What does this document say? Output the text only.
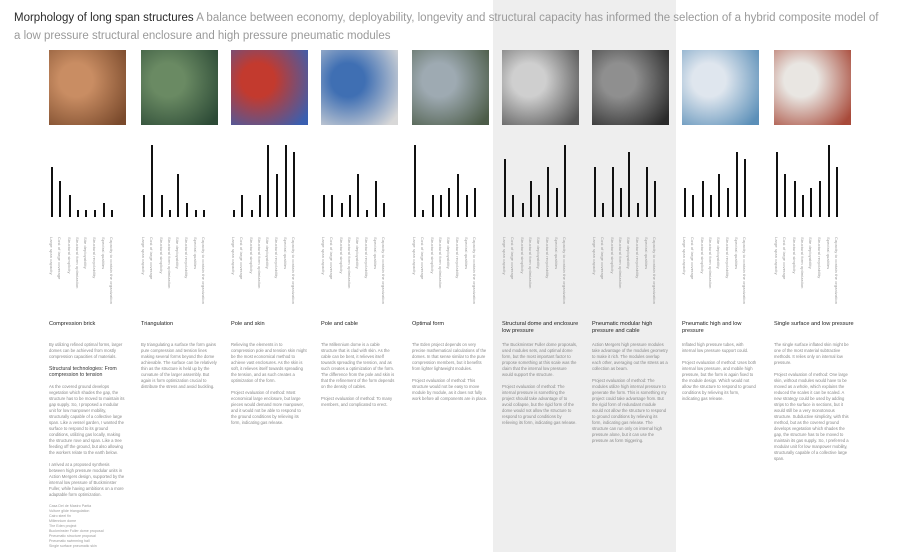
Morphology of long span structures A balance between economy, deployability, longevity and structural capacity has informed the selection of a hybrid composite model of a low pressure structural enclosure and high pressure pneumatic modules
Large span capacity Cost of large coverage Structural simplicity Structural form optimization Site deployability Structural recyclability Spectral qualities Capacity to contain the organization
Compression brick

By utilizing refined optimal forms, larger domes can be achieved from mostly compression capacities of materials.

Structural technologies: From compression to tension

As the covered ground develops vegetation which shades the gap, the structure has to be moved to maintain its gap supply. So, I proposed a modular unit for low manpower mobility, structurally capable of a collective large span. Like a vessel garden, I wanted the surface to respond to its ground conditions, utilizing gas locally, making the structure rove and span. Like a tree feeding off the ground, but also allowing the workers relate to the earth below.

I arrived at a proposed synthesis between high pressure modular units in Action Mergers design, supported by the internal low pressure of Buckminster Fuller, while having ambitions on a more adaptable form optimization.

Casa Dei de Mastro Partia
Vulture glide triangulation
Cairo steel fin
Millennium dome
The Eden project
Buckminster Fuller dome proposal
Pneumatic structure proposal
Pneumatic swimming hall
Single surface pneumatic skin
Large span capacity Cost of large coverage Structural simplicity Structural form optimization Site deployability Structural recyclability Spectral qualities Capacity to contain the organization
Triangulation

By triangulating a surface the form gains pure compression and tension lines making several forms beyond the dome achievable. The surface can be relatively thin as the structure is held up by the curvature of the larger assembly. But again is form optimization crucial to distribute the stress and avoid buckling.

Large span capacity Cost of large coverage Structural simplicity Structural form optimization Site deployability Structural recyclability Spectral qualities Capacity to contain the organization
Pole and skin

Relieving the elements in to compression pole and tension skin might be the most economical method to achieve vast enclosures. As the skin is soft, it relieves itself towards spreading the tension, and as such creates a optimization of the form.

Project evaluation of method: Most economical large enclosure, but large pieces would demand more manpower, and it would not be able to respond to the ground conditions by relieving its form, indicating gas release.

Large span capacity Cost of large coverage Structural simplicity Structural form optimization Site deployability Structural recyclability Spectral qualities Capacity to contain the organization
Pole and cable

The Millennium dome is a cable structure that is clad with skin. As the cable can be bent, it relieves itself towards spreading the tension, and as such creates a optimization of the form. The difference from the pole and skin is that the refinement of the form depends on the density of cables.

Project evaluation of method: To many members, and complicated to erect.

Large span capacity Cost of large coverage Structural simplicity Structural form optimization Site deployability Structural recyclability Spectral qualities Capacity to contain the organization
Optimal form

The Eden project depends on very precise mathematical calculations of the domes. In that sense similar to the pure compression members, but it benefits from lighter lightweight modules.

Project evaluation of method: This structure would not be easy to move module by module, as it does not fully work before all components are in place.

Large span capacity Cost of large coverage Structural simplicity Structural form optimization Site deployability Structural recyclability Spectral qualities Capacity to contain the organization
Structural dome and enclosure low pressure

The Buckminster Fuller dome proposals, used modules sets, and optimal dome form, but the most important factor to propose something at this scale was the claim that the internal low pressure would support the structure.

Project evaluation of method: The internal pressure is something the project should take advantage of to avoid collapse, but the rigid form of the dome would not allow the structure to respond to ground conditions by relieving its form, indicating gas release.

Large span capacity Cost of large coverage Structural simplicity Structural form optimization Site deployability Structural recyclability Spectral qualities Capacity to contain the organization
Pneumatic modular high pressure and cable

Action Mergers high pressure modules take advantage of the modules geometry to make it rich. The modules overlap each other, averaging out the stress as a collection as beam.

Project evaluation of method: The modules utilize high internal pressure to generate the form. This is something my project could take advantage from. But the rigid form of redundant module would not allow the structure to respond to ground conditions by relieving its form, indicating gas release. The structure can run only on internal high pressure alone, but it can use the pressure as form triggering.

Large span capacity Cost of large coverage Structural simplicity Structural form optimization Site deployability Structural recyclability Spectral qualities Capacity to contain the organization
Pneumatic high and low pressure

Inflated high pressure tubes, with internal low pressure support could.

Project evaluation of method: Uses both internal low pressure, and mobile high pressure, but the form is again fixed to the module design. Which would not allow the structure to respond to ground conditions by relieving its form, indicating gas release.

Large span capacity Cost of large coverage Structural simplicity Structural form optimization Site deployability Structural recyclability Spectral qualities Capacity to contain the organization
Single surface and low pressure

The single surface inflated skin might be one of the most material subtractive methods. It relies only on internal low pressure.

Project evaluation of method: One large skin, without modules would have to be moved as a whole, which explains the reduced the scales it can be scaled. A new strategy could be used by adding strips to the surface in sections, but it would still be a very monotonous structure. Subductive simplicity, with this method, but as the covered ground develops vegetation which shades the gap, the structure has to be moved to maintain its gas supply. So, I preferred a modular unit for low manpower mobility, structurally capable of a collective large span.
